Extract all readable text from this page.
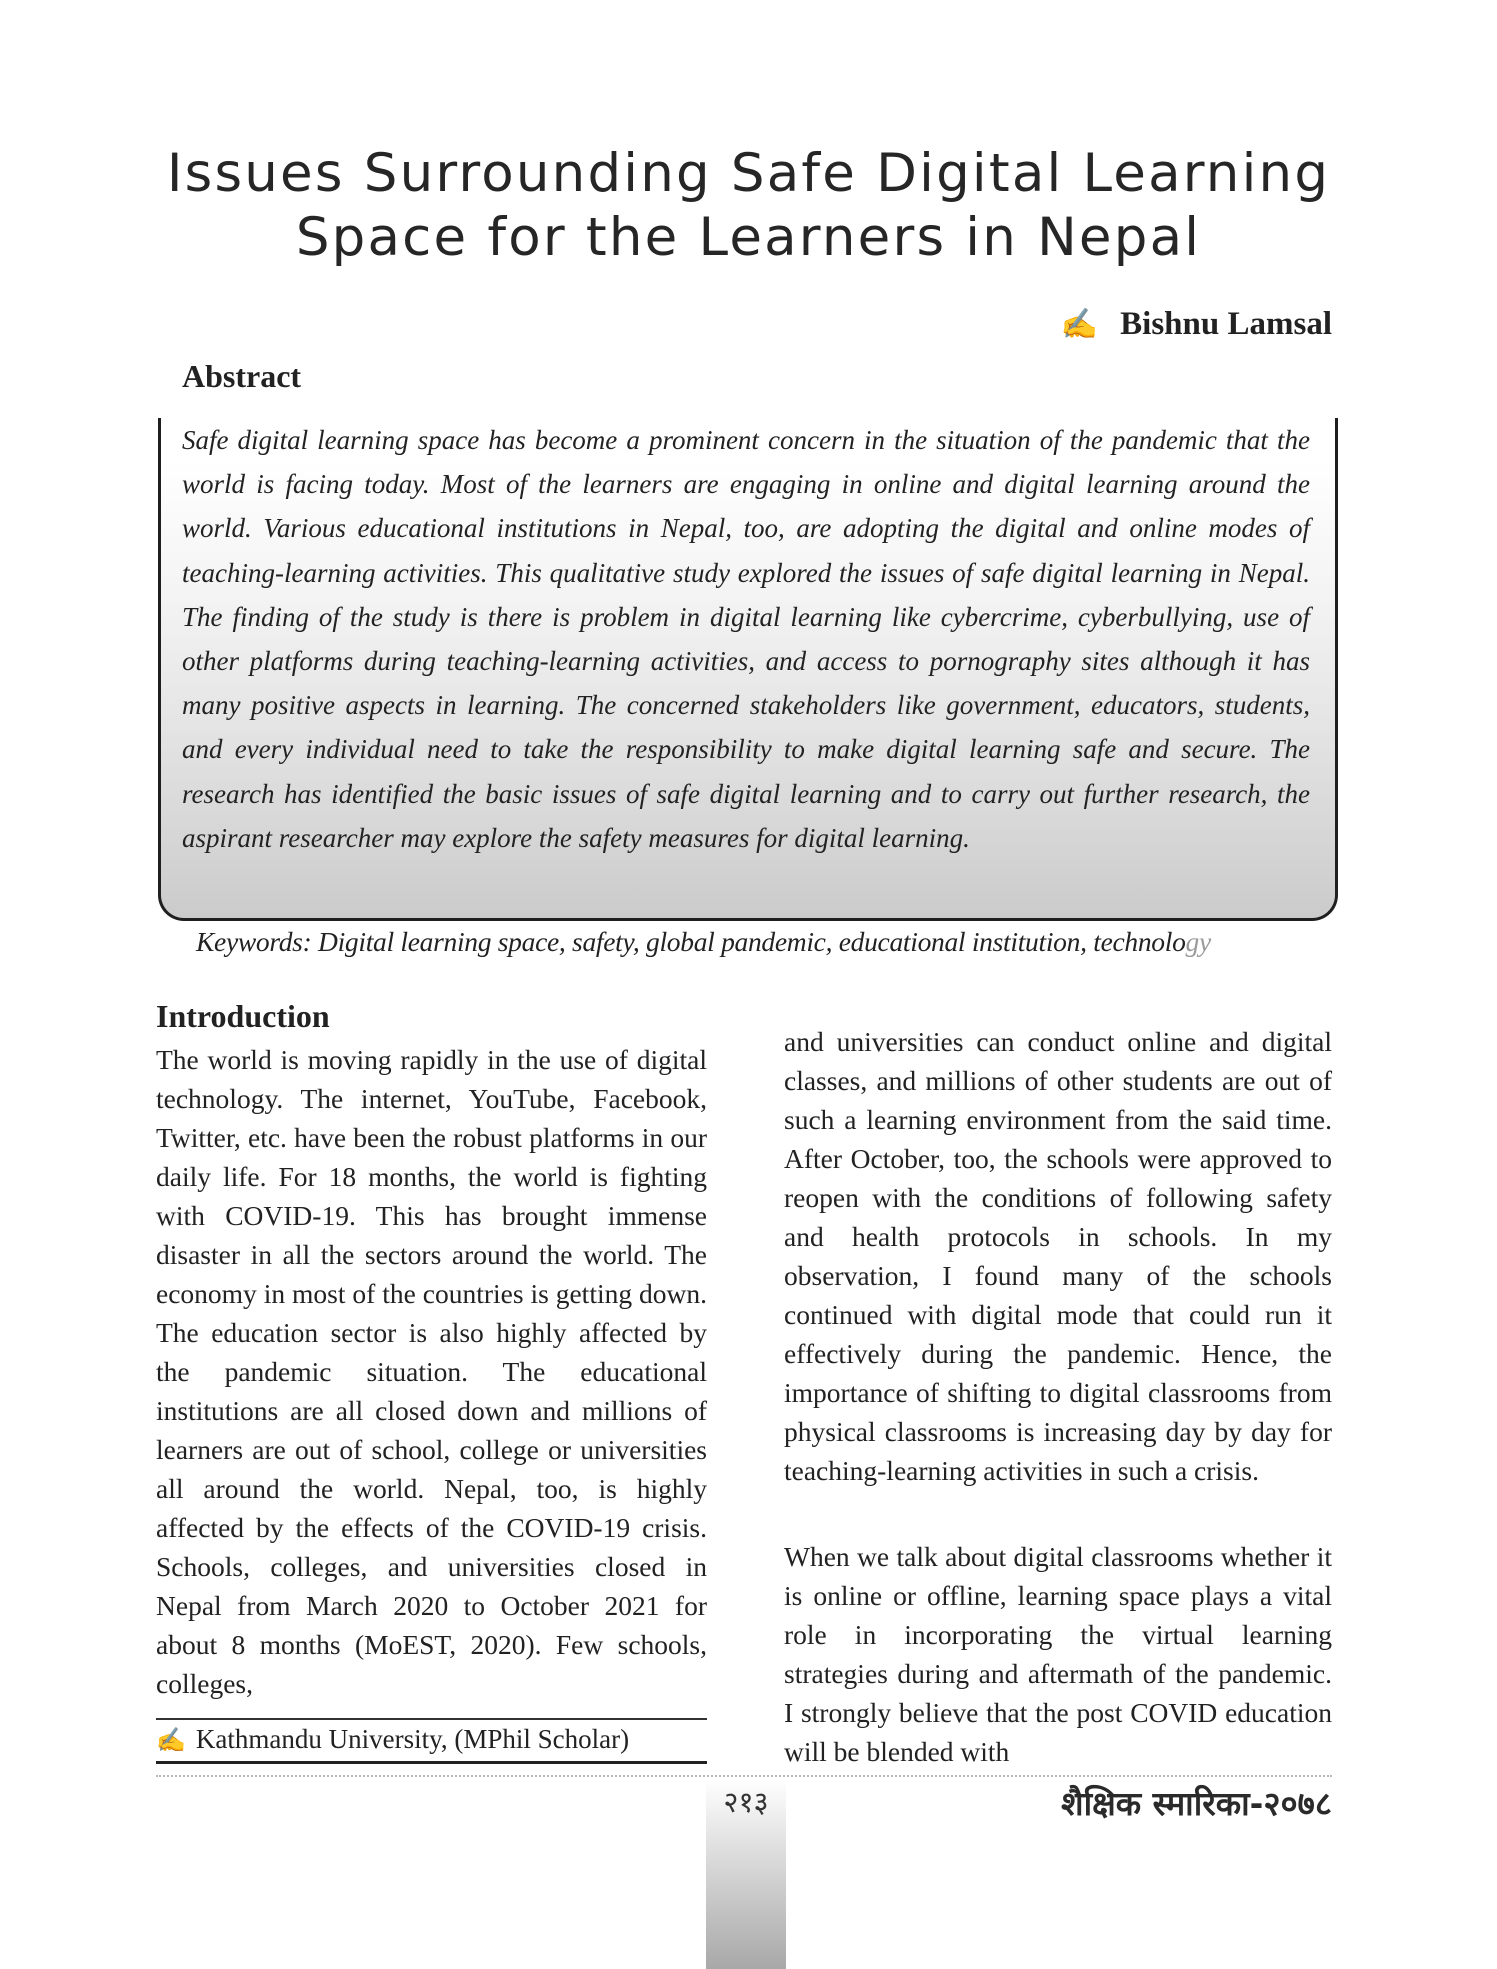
Issues Surrounding Safe Digital Learning
Space for the Learners in Nepal
✍ Bishnu Lamsal
Abstract

Safe digital learning space has become a prominent concern in the situation of the pandemic that the world is facing today. Most of the learners are engaging in online and digital learning around the world. Various educational institutions in Nepal, too, are adopting the digital and online modes of teaching-learning activities. This qualitative study explored the issues of safe digital learning in Nepal. The finding of the study is there is problem in digital learning like cybercrime, cyberbullying, use of other platforms during teaching-learning activities, and access to pornography sites although it has many positive aspects in learning. The concerned stakeholders like government, educators, students, and every individual need to take the responsibility to make digital learning safe and secure. The research has identified the basic issues of safe digital learning and to carry out further research, the aspirant researcher may explore the safety measures for digital learning.

Keywords: Digital learning space, safety, global pandemic, educational institution, technology
Introduction

The world is moving rapidly in the use of digital technology. The internet, YouTube, Facebook, Twitter, etc. have been the robust platforms in our daily life. For 18 months, the world is fighting with COVID-19. This has brought immense disaster in all the sectors around the world. The economy in most of the countries is getting down. The education sector is also highly affected by the pandemic situation. The educational institutions are all closed down and millions of learners are out of school, college or universities all around the world. Nepal, too, is highly affected by the effects of the COVID-19 crisis. Schools, colleges, and universities closed in Nepal from March 2020 to October 2021 for about 8 months (MoEST, 2020). Few schools, colleges,

and universities can conduct online and digital classes, and millions of other students are out of such a learning environment from the said time. After October, too, the schools were approved to reopen with the conditions of following safety and health protocols in schools. In my observation, I found many of the schools continued with digital mode that could run it effectively during the pandemic. Hence, the importance of shifting to digital classrooms from physical classrooms is increasing day by day for teaching-learning activities in such a crisis.

When we talk about digital classrooms whether it is online or offline, learning space plays a vital role in incorporating the virtual learning strategies during and aftermath of the pandemic. I strongly believe that the post COVID education will be blended with

✍ Kathmandu University, (MPhil Scholar)
२१३	शैक्षिक स्मारिका-२०७८
